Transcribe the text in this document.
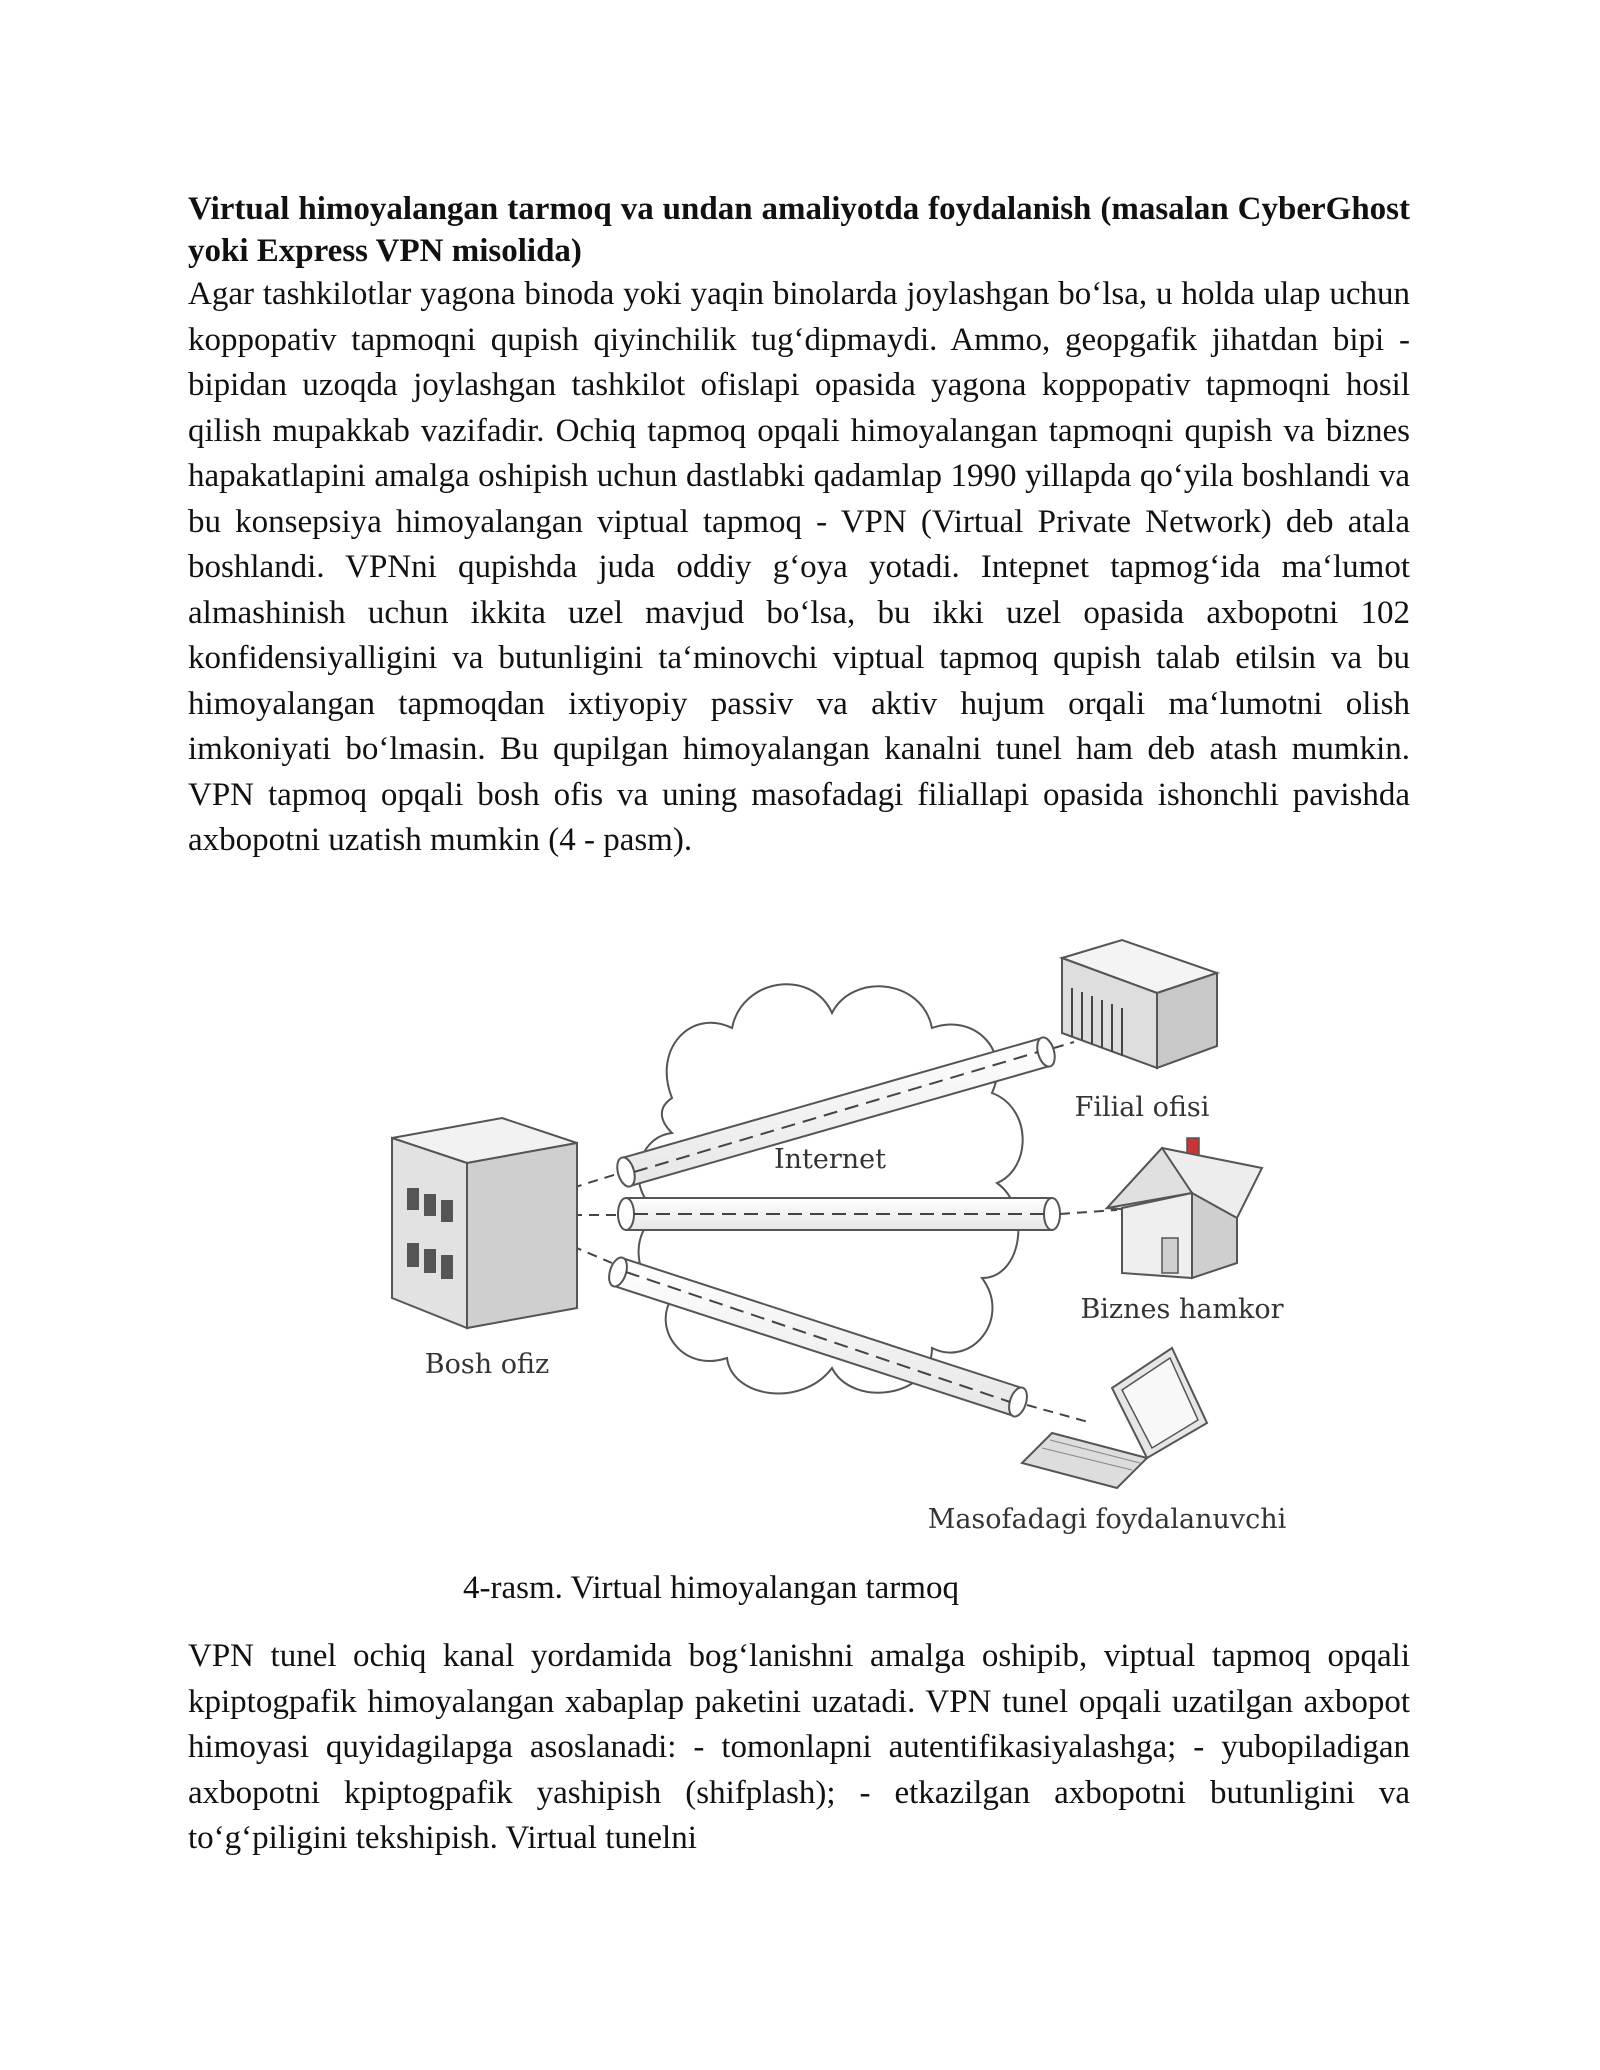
Virtual himoyalangan tarmoq va undan amaliyotda foydalanish (masalan CyberGhost yoki Express VPN misolida)

Agar tashkilotlar yagona binoda yoki yaqin binolarda joylashgan bo‘lsa, u holda ulap uchun koppopativ tapmoqni qupish qiyinchilik tug‘dipmaydi. Ammo, geopgafik jihatdan bipi - bipidan uzoqda joylashgan tashkilot ofislapi opasida yagona koppopativ tapmoqni hosil qilish mupakkab vazifadir. Ochiq tapmoq opqali himoyalangan tapmoqni qupish va biznes hapakatlapini amalga oshipish uchun dastlabki qadamlap 1990 yillapda qo‘yila boshlandi va bu konsepsiya himoyalangan viptual tapmoq - VPN (Virtual Private Network) deb atala boshlandi. VPNni qupishda juda oddiy g‘oya yotadi. Intepnet tapmog‘ida ma‘lumot almashinish uchun ikkita uzel mavjud bo‘lsa, bu ikki uzel opasida axbopotni 102 konfidensiyalligini va butunligini ta‘minovchi viptual tapmoq qupish talab etilsin va bu himoyalangan tapmoqdan ixtiyopiy passiv va aktiv hujum orqali ma‘lumotni olish imkoniyati bo‘lmasin. Bu qupilgan himoyalangan kanalni tunel ham deb atash mumkin. VPN tapmoq opqali bosh ofis va uning masofadagi filiallapi opasida ishonchli pavishda axbopotni uzatish mumkin (4 - pasm).

Internet
Bosh ofiz
Filial ofisi
Biznes hamkor
Masofadagi foydalanuvchi

4-rasm. Virtual himoyalangan tarmoq

VPN tunel ochiq kanal yordamida bog‘lanishni amalga oshipib, viptual tapmoq opqali kpiptogpafik himoyalangan xabaplap paketini uzatadi. VPN tunel opqali uzatilgan axbopot himoyasi quyidagilapga asoslanadi: - tomonlapni autentifikasiyalashga; - yubopiladigan axbopotni kpiptogpafik yashipish (shifplash); - etkazilgan axbopotni butunligini va to‘g‘piligini tekshipish. Virtual tunelni
